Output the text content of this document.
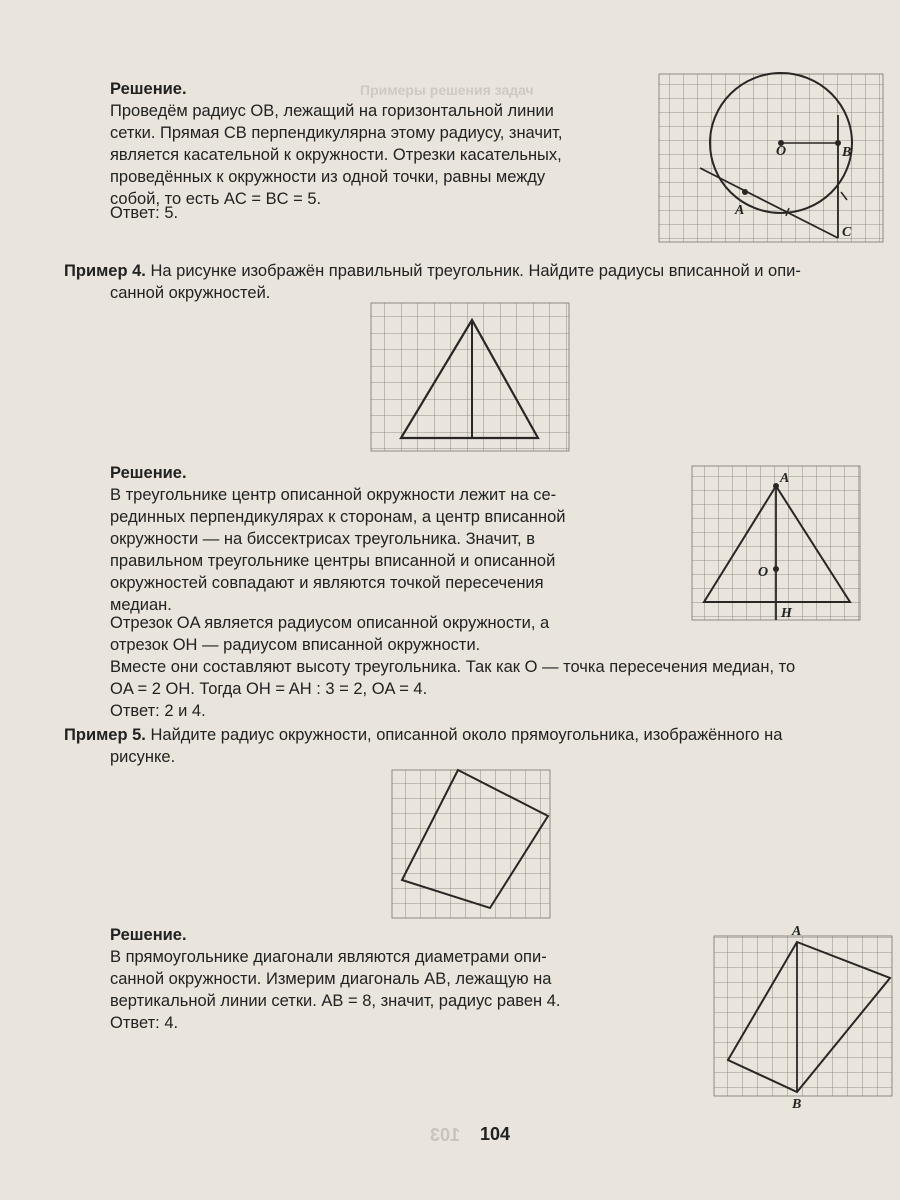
Примеры решения задач
103
Решение.
Проведём радиус OB, лежащий на горизонтальной линии
сетки. Прямая CB перпендикулярна этому радиусу, значит,
является касательной к окружности. Отрезки касательных,
проведённых к окружности из одной точки, равны между
собой, то есть AC = BC = 5.
Ответ: 5.
O	B
A
C
Пример 4. На рисунке изображён правильный треугольник. Найдите радиусы вписанной и опи-
санной окружностей.
Решение.
В треугольнике центр описанной окружности лежит на се-
рединных перпендикулярах к сторонам, а центр вписанной
окружности — на биссектрисах треугольника. Значит, в
правильном треугольнике центры вписанной и описанной
окружностей совпадают и являются точкой пересечения
медиан.
Отрезок OA является радиусом описанной окружности, а
отрезок OH — радиусом вписанной окружности.
Вместе они составляют высоту треугольника. Так как O — точка пересечения медиан, то
OA = 2 OH. Тогда OH = AH : 3 = 2, OA = 4.
Ответ: 2 и 4.
A
O
H
Пример 5. Найдите радиус окружности, описанной около прямоугольника, изображённого на
рисунке.
Решение.
В прямоугольнике диагонали являются диаметрами опи-
санной окружности. Измерим диагональ AB, лежащую на
вертикальной линии сетки. AB = 8, значит, радиус равен 4.
Ответ: 4.
A
B
104
